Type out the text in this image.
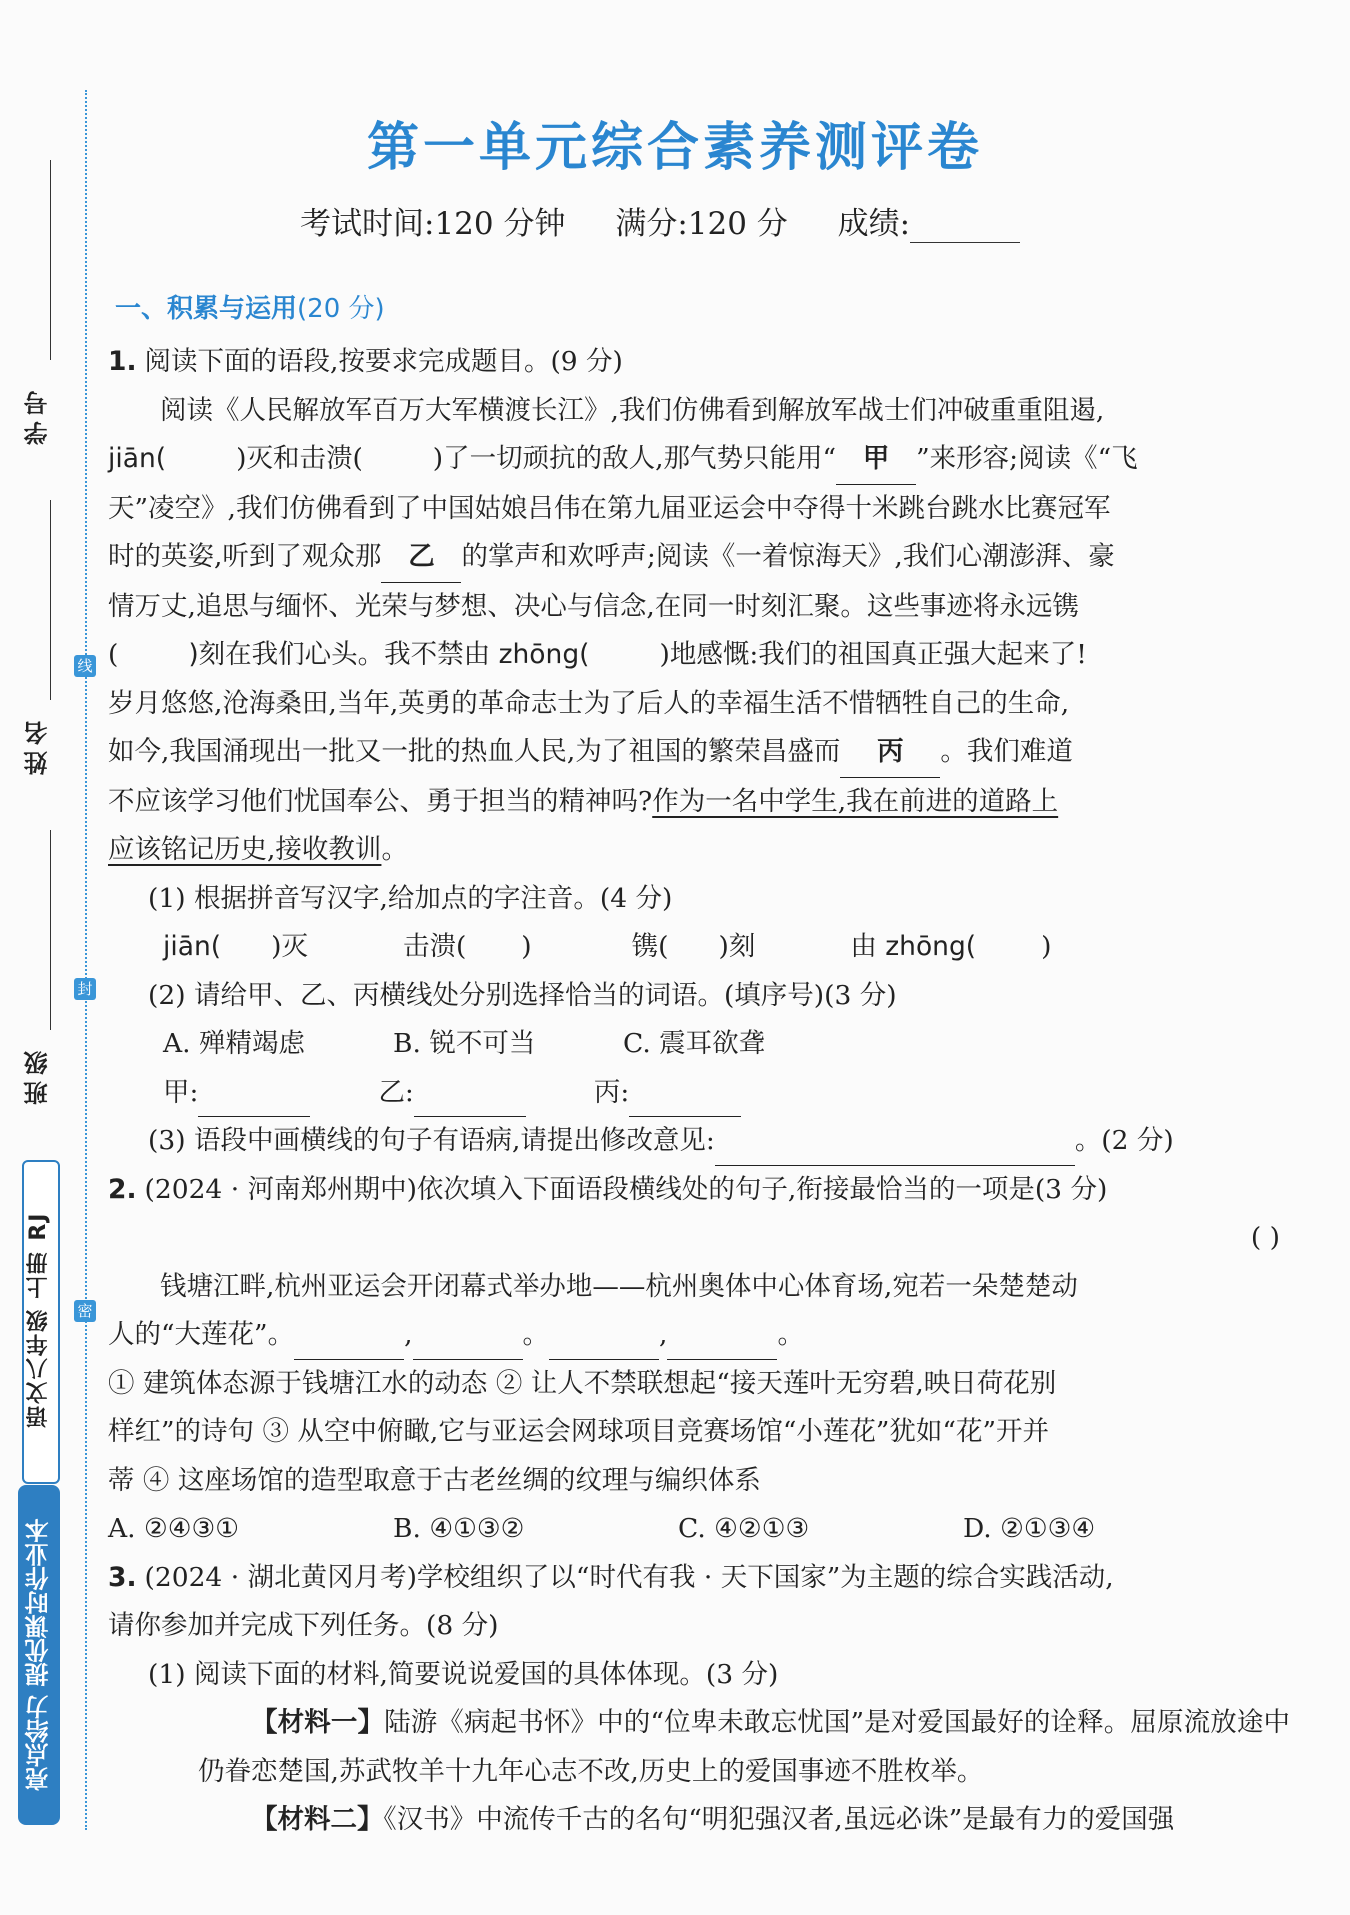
线
封
密
学号
姓名
班级
语文八年级 上册 RJ
亮点给力 提优课时作业本
第一单元综合素养测评卷
考试时间:120 分钟 满分:120 分 成绩:
一、积累与运用(20 分)

1. 阅读下面的语段,按要求完成题目。(9 分)

阅读《人民解放军百万大军横渡长江》,我们仿佛看到解放军战士们冲破重重阻遏,

jiān(	)灭和击溃(	)了一切顽抗的敌人,那气势只能用“ 甲 ”来形容;阅读《“飞

天”凌空》,我们仿佛看到了中国姑娘吕伟在第九届亚运会中夺得十米跳台跳水比赛冠军

时的英姿,听到了观众那 乙 的掌声和欢呼声;阅读《一着惊海天》,我们心潮澎湃、豪

情万丈,追思与缅怀、光荣与梦想、决心与信念,在同一时刻汇聚。这些事迹将永远镌

(	)刻在我们心头。我不禁由 zhōng(	)地感慨:我们的祖国真正强大起来了!

岁月悠悠,沧海桑田,当年,英勇的革命志士为了后人的幸福生活不惜牺牲自己的生命,

如今,我国涌现出一批又一批的热血人民,为了祖国的繁荣昌盛而 丙 。我们难道

不应该学习他们忧国奉公、勇于担当的精神吗?作为一名中学生,我在前进的道路上

应该铭记历史,接收教训。

(1) 根据拼音写汉字,给加点的字注音。(4 分)

jiān( )灭	击溃( )	镌( )刻	由 zhōng( )

(2) 请给甲、乙、丙横线处分别选择恰当的词语。(填序号)(3 分)

A. 殚精竭虑	B. 锐不可当	C. 震耳欲聋

甲:	乙:	丙:

(3) 语段中画横线的句子有语病,请提出修改意见:	。(2 分)

2. (2024 · 河南郑州期中)依次填入下面语段横线处的句子,衔接最恰当的一项是(3 分)

( )

钱塘江畔,杭州亚运会开闭幕式举办地——杭州奥体中心体育场,宛若一朵楚楚动

人的“大莲花”。	,	。	,	。

① 建筑体态源于钱塘江水的动态 ② 让人不禁联想起“接天莲叶无穷碧,映日荷花别

样红”的诗句 ③ 从空中俯瞰,它与亚运会网球项目竞赛场馆“小莲花”犹如“花”开并

蒂 ④ 这座场馆的造型取意于古老丝绸的纹理与编织体系

A. ②④③①	B. ④①③②	C. ④②①③	D. ②①③④

3. (2024 · 湖北黄冈月考)学校组织了以“时代有我 · 天下国家”为主题的综合实践活动,

请你参加并完成下列任务。(8 分)

(1) 阅读下面的材料,简要说说爱国的具体体现。(3 分)

【材料一】陆游《病起书怀》中的“位卑未敢忘忧国”是对爱国最好的诠释。屈原流放途中仍眷恋楚国,苏武牧羊十九年心志不改,历史上的爱国事迹不胜枚举。

【材料二】《汉书》中流传千古的名句“明犯强汉者,虽远必诛”是最有力的爱国强
